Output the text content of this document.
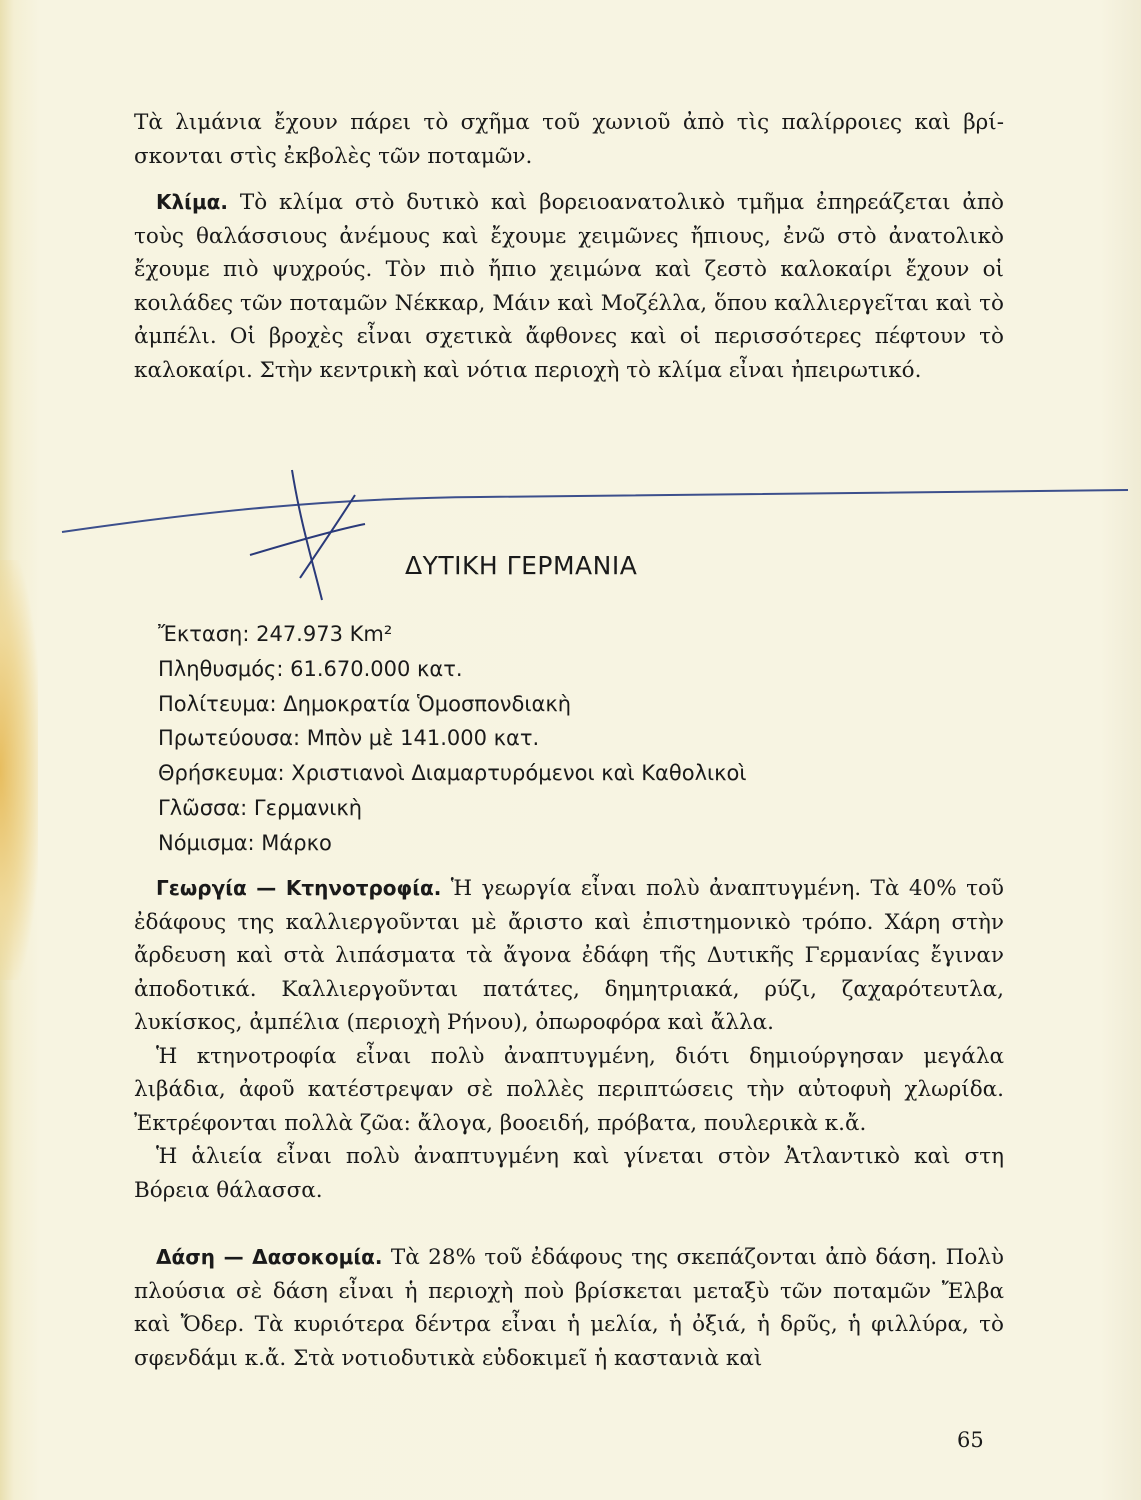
Τὰ λιμάνια ἔχουν πάρει τὸ σχῆμα τοῦ χωνιοῦ ἀπὸ τὶς παλίρροιες καὶ βρίσκονται στὶς ἐκβολὲς τῶν ποταμῶν.

Κλίμα. Τὸ κλίμα στὸ δυτικὸ καὶ βορειοανατολικὸ τμῆμα ἐπηρεάζεται ἀπὸ τοὺς θαλάσσιους ἀνέμους καὶ ἔχουμε χειμῶνες ἤπιους, ἐνῶ στὸ ἀνατολικὸ ἔχουμε πιὸ ψυχρούς. Τὸν πιὸ ἤπιο χειμώνα καὶ ζεστὸ καλοκαίρι ἔχουν οἱ κοιλάδες τῶν ποταμῶν Νέκκαρ, Μάιν καὶ Μοζέλλα, ὅπου καλλιεργεῖται καὶ τὸ ἀμπέλι. Οἱ βροχὲς εἶναι σχετικὰ ἄφθονες καὶ οἱ περισσότερες πέφτουν τὸ καλοκαίρι. Στὴν κεντρικὴ καὶ νότια περιοχὴ τὸ κλίμα εἶναι ἠπειρωτικό.

ΔΥΤΙΚΗ ΓΕΡΜΑΝΙΑ
Ἔκταση: 247.973 Km²
Πληθυσμός: 61.670.000 κατ.
Πολίτευμα: Δημοκρατία Ὁμοσπονδιακὴ
Πρωτεύουσα: Μπὸν μὲ 141.000 κατ.
Θρήσκευμα: Χριστιανοὶ Διαμαρτυρόμενοι καὶ Καθολικοὶ
Γλῶσσα: Γερμανικὴ
Νόμισμα: Μάρκο

Γεωργία — Κτηνοτροφία. Ἡ γεωργία εἶναι πολὺ ἀναπτυγμένη. Τὰ 40% τοῦ ἐδάφους της καλλιεργοῦνται μὲ ἄριστο καὶ ἐπιστημονικὸ τρόπο. Χάρη στὴν ἄρδευση καὶ στὰ λιπάσματα τὰ ἄγονα ἐδάφη τῆς Δυτικῆς Γερμανίας ἔγιναν ἀποδοτικά. Καλλιεργοῦνται πατάτες, δημητριακά, ρύζι, ζαχαρότευτλα, λυκίσκος, ἀμπέλια (περιοχὴ Ρήνου), ὀπωροφόρα καὶ ἄλλα.

Ἡ κτηνοτροφία εἶναι πολὺ ἀναπτυγμένη, διότι δημιούργησαν μεγάλα λιβάδια, ἀφοῦ κατέστρεψαν σὲ πολλὲς περιπτώσεις τὴν αὐτοφυὴ χλωρίδα. Ἐκτρέφονται πολλὰ ζῶα: ἄλογα, βοοειδή, πρόβατα, πουλερικὰ κ.ἄ.

Ἡ ἁλιεία εἶναι πολὺ ἀναπτυγμένη καὶ γίνεται στὸν Ἀτλαντικὸ καὶ στη Βόρεια θάλασσα.

Δάση — Δασοκομία. Τὰ 28% τοῦ ἐδάφους της σκεπάζονται ἀπὸ δάση. Πολὺ πλούσια σὲ δάση εἶναι ἡ περιοχὴ ποὺ βρίσκεται μεταξὺ τῶν ποταμῶν Ἔλβα καὶ Ὄδερ. Τὰ κυριότερα δέντρα εἶναι ἡ μελία, ἡ ὀξιά, ἡ δρῦς, ἡ φιλλύρα, τὸ σφενδάμι κ.ἄ. Στὰ νοτιοδυτικὰ εὐδοκιμεῖ ἡ καστανιὰ καὶ

65
